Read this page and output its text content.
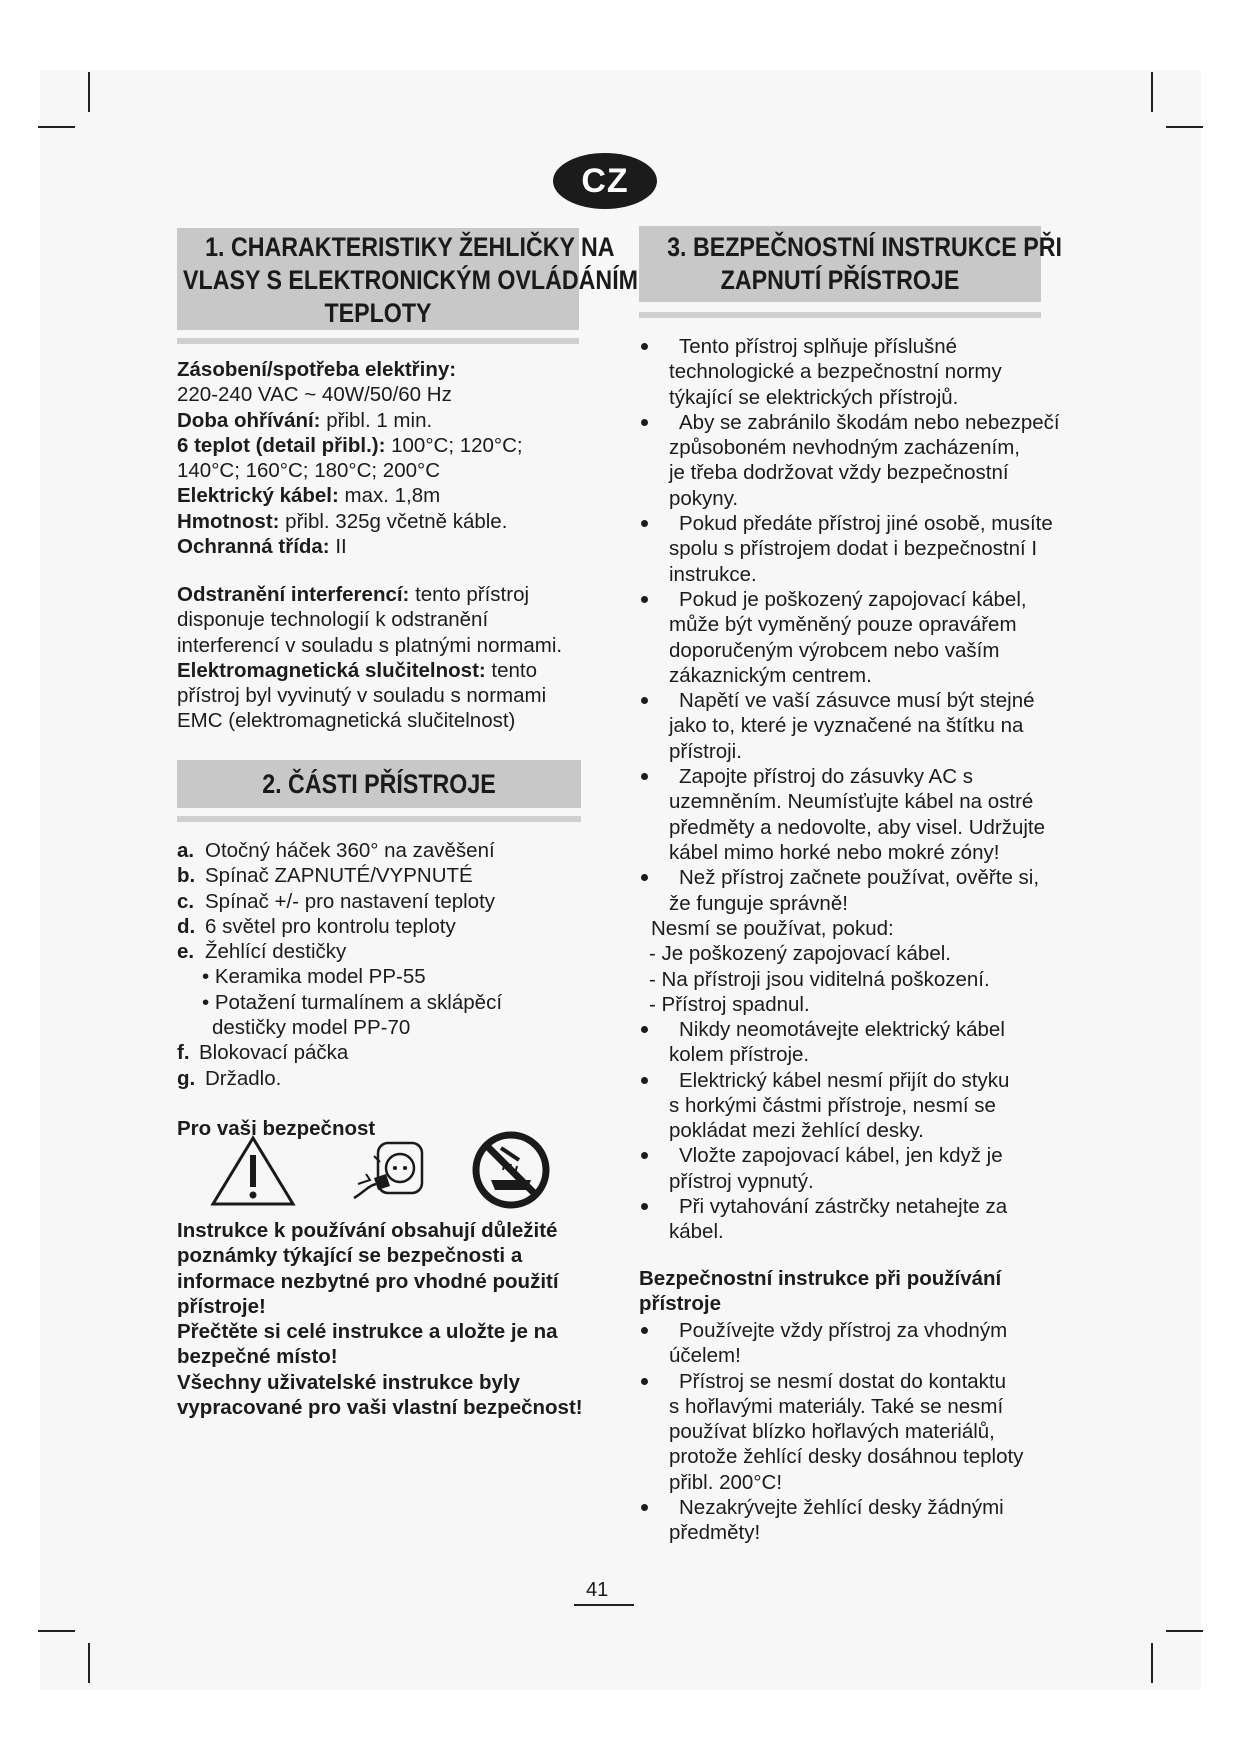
CZ
1. CHARAKTERISTIKY ŽEHLIČKY NA
VLASY S ELEKTRONICKÝM OVLÁDÁNÍM
TEPLOTY
Zásobení/spotřeba elektřiny:
220-240 VAC ~ 40W/50/60 Hz
Doba ohřívání: přibl. 1 min.
6 teplot (detail přibl.): 100°C; 120°C;
140°C; 160°C; 180°C; 200°C
Elektrický kábel: max. 1,8m
Hmotnost: přibl. 325g včetně káble.
Ochranná třída: II
Odstranění interferencí: tento přístroj
disponuje technologií k odstranění
interferencí v souladu s platnými normami.
Elektromagnetická slučitelnost: tento
přístroj byl vyvinutý v souladu s normami
EMC (elektromagnetická slučitelnost)
2. ČÁSTI PŘÍSTROJE
a. Otočný háček 360° na zavěšení
b. Spínač ZAPNUTÉ/VYPNUTÉ
c. Spínač +/- pro nastavení teploty
d. 6 světel pro kontrolu teploty
e. Žehlící destičky
• Keramika model PP-55
• Potažení turmalínem a sklápěcí
destičky model PP-70
f. Blokovací páčka
g. Držadlo.
Pro vaši bezpečnost
Instrukce k používání obsahují důležité
poznámky týkající se bezpečnosti a
informace nezbytné pro vhodné použití
přístroje!
Přečtěte si celé instrukce a uložte je na
bezpečné místo!
Všechny uživatelské instrukce byly
vypracované pro vaši vlastní bezpečnost!
3. BEZPEČNOSTNÍ INSTRUKCE PŘI
ZAPNUTÍ PŘÍSTROJE
Tento přístroj splňuje příslušné
technologické a bezpečnostní normy
týkající se elektrických přístrojů.
Aby se zabránilo škodám nebo nebezpečí
způsoboném nevhodným zacházením,
je třeba dodržovat vždy bezpečnostní
pokyny.
Pokud předáte přístroj jiné osobě, musíte
spolu s přístrojem dodat i bezpečnostní I
instrukce.
Pokud je poškozený zapojovací kábel,
může být vyměněný pouze opravářem
doporučeným výrobcem nebo vaším
zákaznickým centrem.
Napětí ve vaší zásuvce musí být stejné
jako to, které je vyznačené na štítku na
přístroji.
Zapojte přístroj do zásuvky AC s
uzemněním. Neumísťujte kábel na ostré
předměty a nedovolte, aby visel. Udržujte
kábel mimo horké nebo mokré zóny!
Než přístroj začnete používat, ověřte si,
že funguje správně!
Nesmí se používat, pokud:
- Je poškozený zapojovací kábel.
- Na přístroji jsou viditelná poškození.
- Přístroj spadnul.
Nikdy neomotávejte elektrický kábel
kolem přístroje.
Elektrický kábel nesmí přijít do styku
s horkými částmi přístroje, nesmí se
pokládat mezi žehlící desky.
Vložte zapojovací kábel, jen když je
přístroj vypnutý.
Při vytahování zástrčky netahejte za
kábel.
Bezpečnostní instrukce při používání
přístroje
Používejte vždy přístroj za vhodným
účelem!
Přístroj se nesmí dostat do kontaktu
s hořlavými materiály. Také se nesmí
používat blízko hořlavých materiálů,
protože žehlící desky dosáhnou teploty
přibl. 200°C!
Nezakrývejte žehlící desky žádnými
předměty!
41
